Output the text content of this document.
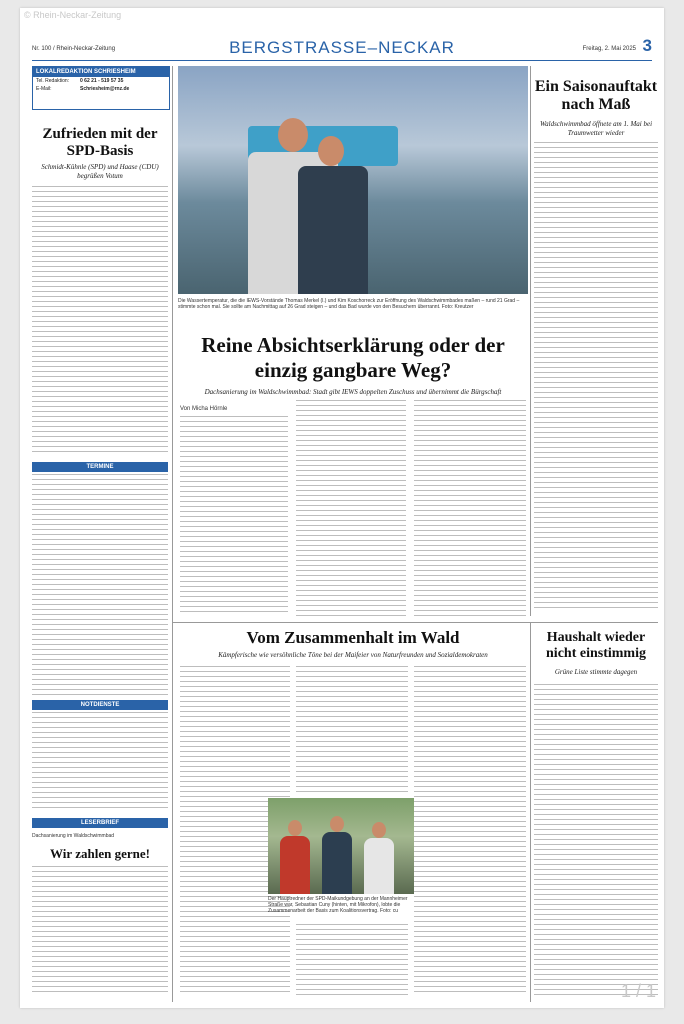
© Rhein-Neckar-Zeitung
Nr. 100 / Rhein-Neckar-Zeitung	BERGSTRASSE–NECKAR	Freitag, 2. Mai 2025 3
LOKALREDAKTION SCHRIESHEIM
Tel. Redaktion: 0 62 21 - 519 57 35
E-Mail:	Schriesheim@rnz.de
Zufrieden mit der SPD-Basis
Schmidt-Kühnle (SPD) und Haase (CDU) begrüßen Votum
TERMINE
NOTDIENSTE
LESERBRIEF
Dachsanierung im Waldschwimmbad
Wir zahlen gerne!
Die Wassertemperatur, die die IEWS-Vorstände Thomas Merkel (l.) und Kim Koschorreck zur Eröffnung des Waldschwimmbades maßen – rund 21 Grad – stimmte schon mal. Sie sollte am Nachmittag auf 26 Grad steigen – und das Bad wurde von den Besuchern überrannt. Foto: Kreutzer
Ein Saisonauftakt nach Maß
Waldschwimmbad öffnete am 1. Mai bei Traumwetter wieder
Reine Absichtserklärung oder der einzig gangbare Weg?
Dachsanierung im Waldschwimmbad: Stadt gibt IEWS doppelten Zuschuss und übernimmt die Bürgschaft
Von Micha Hörnle
Vom Zusammenhalt im Wald
Kämpferische wie versöhnliche Töne bei der Maifeier von Naturfreunden und Sozialdemokraten
Der Hauptredner der SPD-Maikundgebung an der Mannheimer Straße war, Sebastian Cuny (hinten, mit Mikrofon), lobte die Zusammenarbeit der Basis zum Koalitionsvertrag. Foto: cu
Haushalt wieder nicht einstimmig
Grüne Liste stimmte dagegen
1 / 1
